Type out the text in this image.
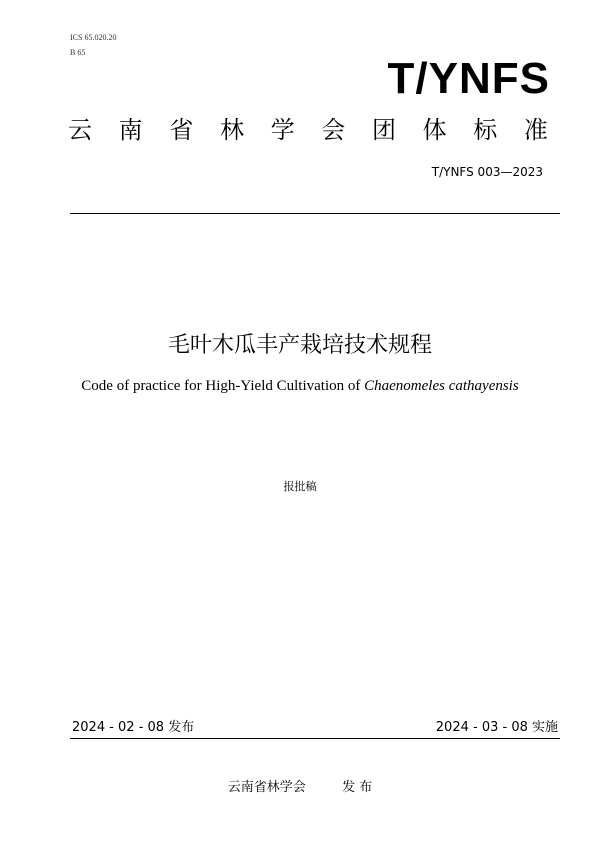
ICS 65.020.20
B 65
T/YNFS
云 南 省 林 学 会 团 体 标 准
T/YNFS 003—2023
毛叶木瓜丰产栽培技术规程
Code of practice for High-Yield Cultivation of Chaenomeles cathayensis
报批稿
2024 - 02 - 08 发布	2024 - 03 - 08 实施
云南省林学会	发 布
